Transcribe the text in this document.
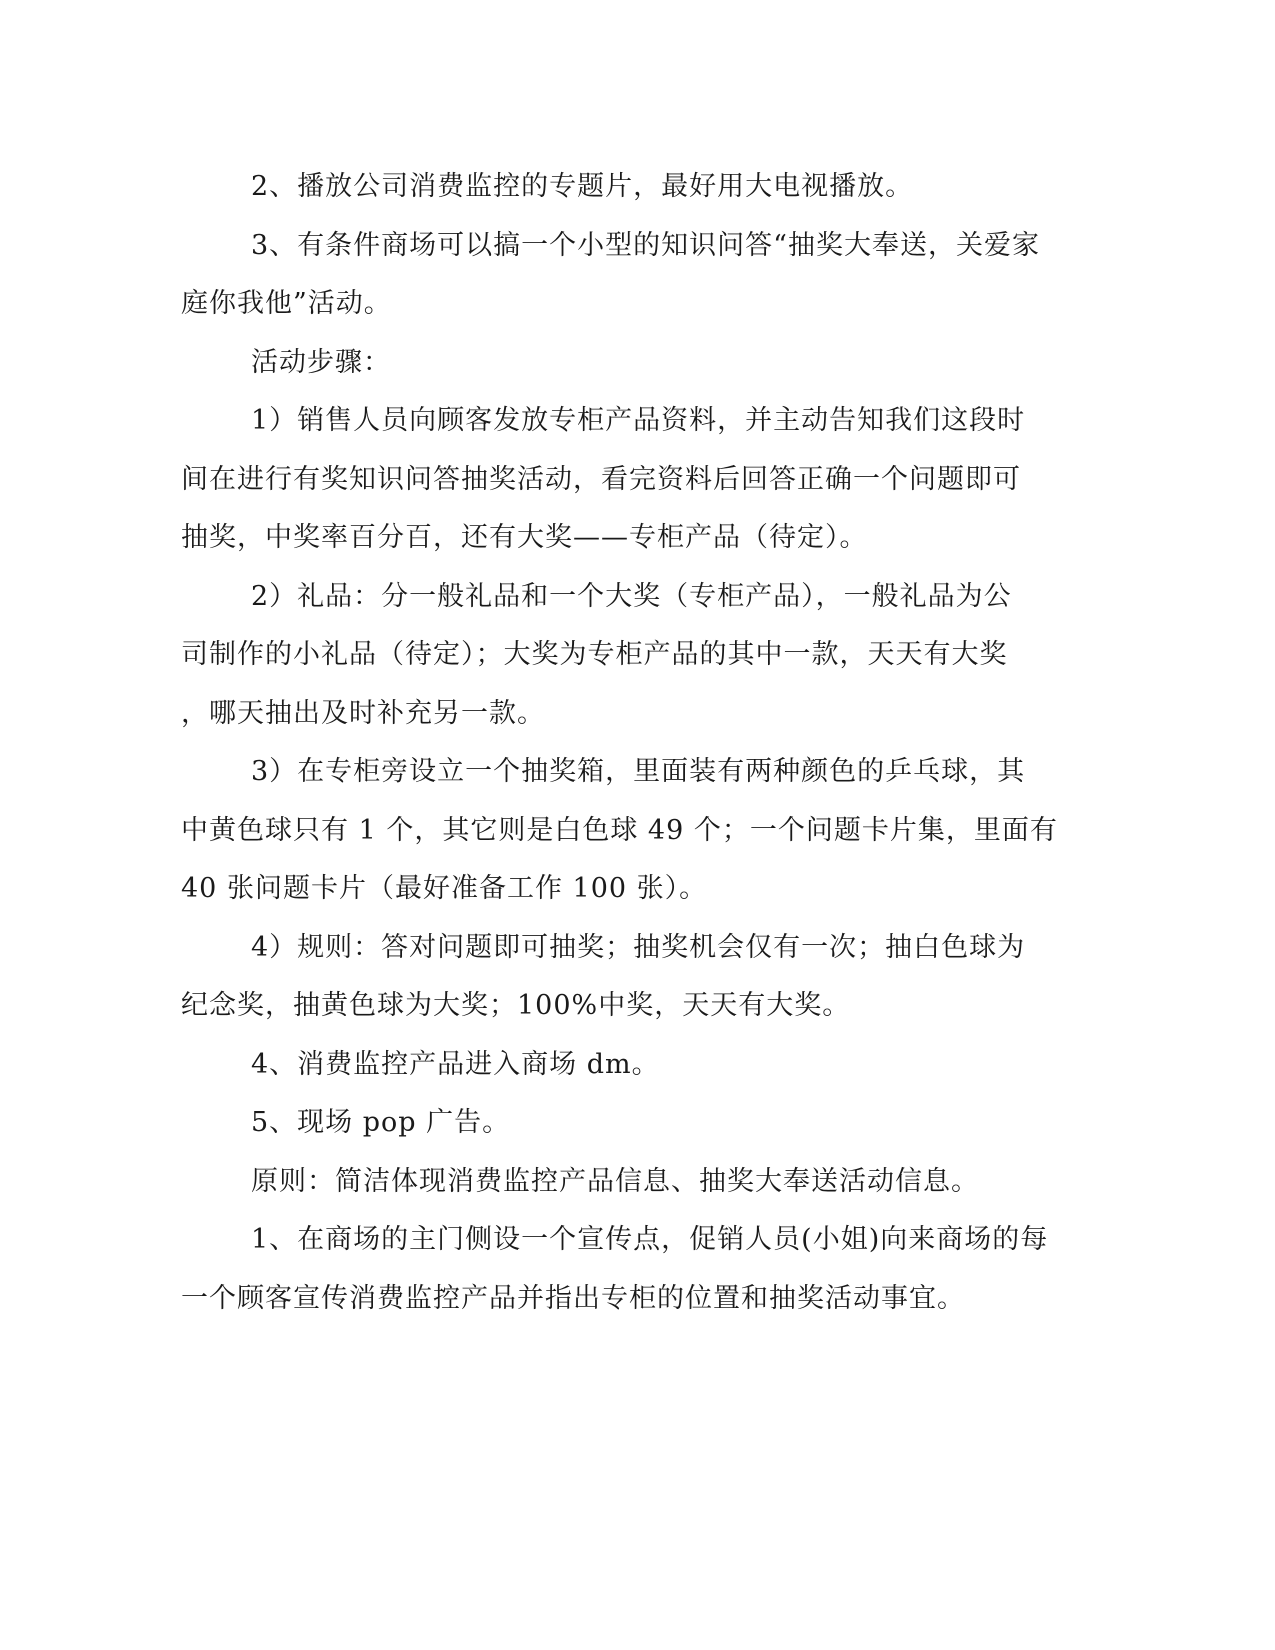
2、播放公司消费监控的专题片，最好用大电视播放。

3、有条件商场可以搞一个小型的知识问答“抽奖大奉送，关爱家
庭你我他”活动。

活动步骤：

1）销售人员向顾客发放专柜产品资料，并主动告知我们这段时
间在进行有奖知识问答抽奖活动，看完资料后回答正确一个问题即可
抽奖，中奖率百分百，还有大奖——专柜产品（待定）。

2）礼品：分一般礼品和一个大奖（专柜产品），一般礼品为公
司制作的小礼品（待定）；大奖为专柜产品的其中一款，天天有大奖
，哪天抽出及时补充另一款。

3）在专柜旁设立一个抽奖箱，里面装有两种颜色的乒乓球，其
中黄色球只有 1 个，其它则是白色球 49 个；一个问题卡片集，里面有
40 张问题卡片（最好准备工作 100 张）。

4）规则：答对问题即可抽奖；抽奖机会仅有一次；抽白色球为
纪念奖，抽黄色球为大奖；100%中奖，天天有大奖。

4、消费监控产品进入商场 dm。

5、现场 pop 广告。

原则：简洁体现消费监控产品信息、抽奖大奉送活动信息。

1、在商场的主门侧设一个宣传点，促销人员(小姐)向来商场的每
一个顾客宣传消费监控产品并指出专柜的位置和抽奖活动事宜。
